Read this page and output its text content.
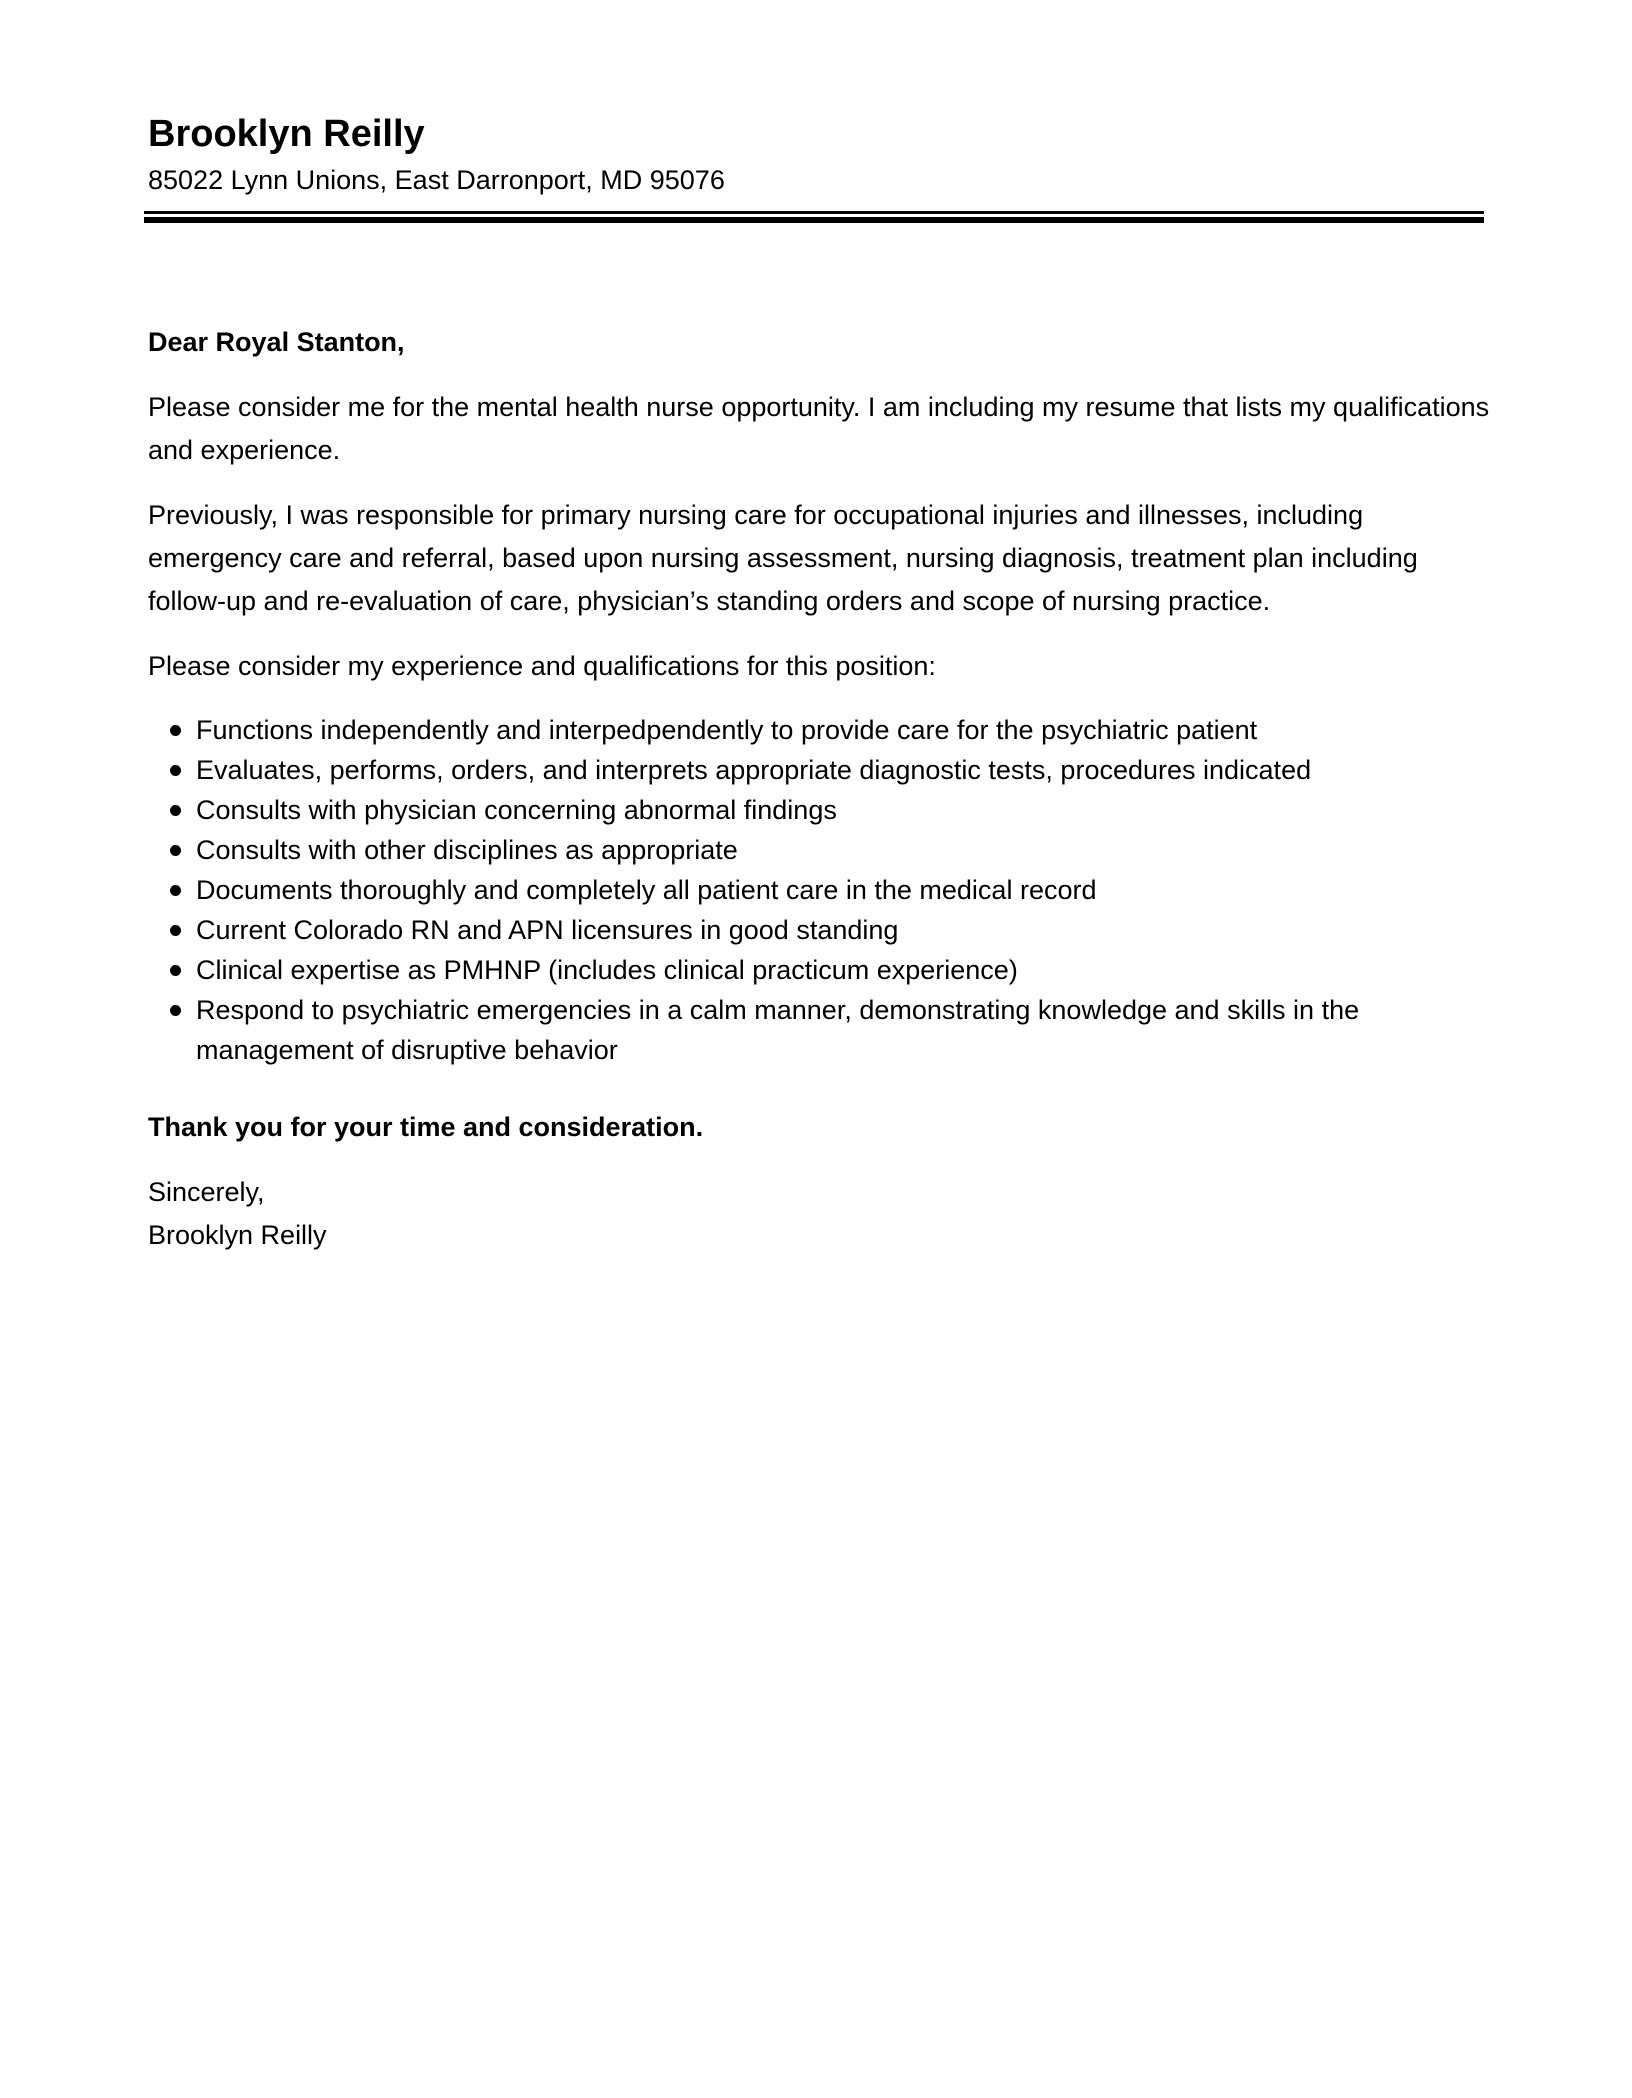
Brooklyn Reilly

85022 Lynn Unions, East Darronport, MD 95076

Dear Royal Stanton,

Please consider me for the mental health nurse opportunity. I am including my resume that lists my qualifications and experience.

Previously, I was responsible for primary nursing care for occupational injuries and illnesses, including emergency care and referral, based upon nursing assessment, nursing diagnosis, treatment plan including follow-up and re-evaluation of care, physician’s standing orders and scope of nursing practice.

Please consider my experience and qualifications for this position:

Functions independently and interpedpendently to provide care for the psychiatric patient
Evaluates, performs, orders, and interprets appropriate diagnostic tests, procedures indicated
Consults with physician concerning abnormal findings
Consults with other disciplines as appropriate
Documents thoroughly and completely all patient care in the medical record
Current Colorado RN and APN licensures in good standing
Clinical expertise as PMHNP (includes clinical practicum experience)
Respond to psychiatric emergencies in a calm manner, demonstrating knowledge and skills in the management of disruptive behavior

Thank you for your time and consideration.

Sincerely,

Brooklyn Reilly
